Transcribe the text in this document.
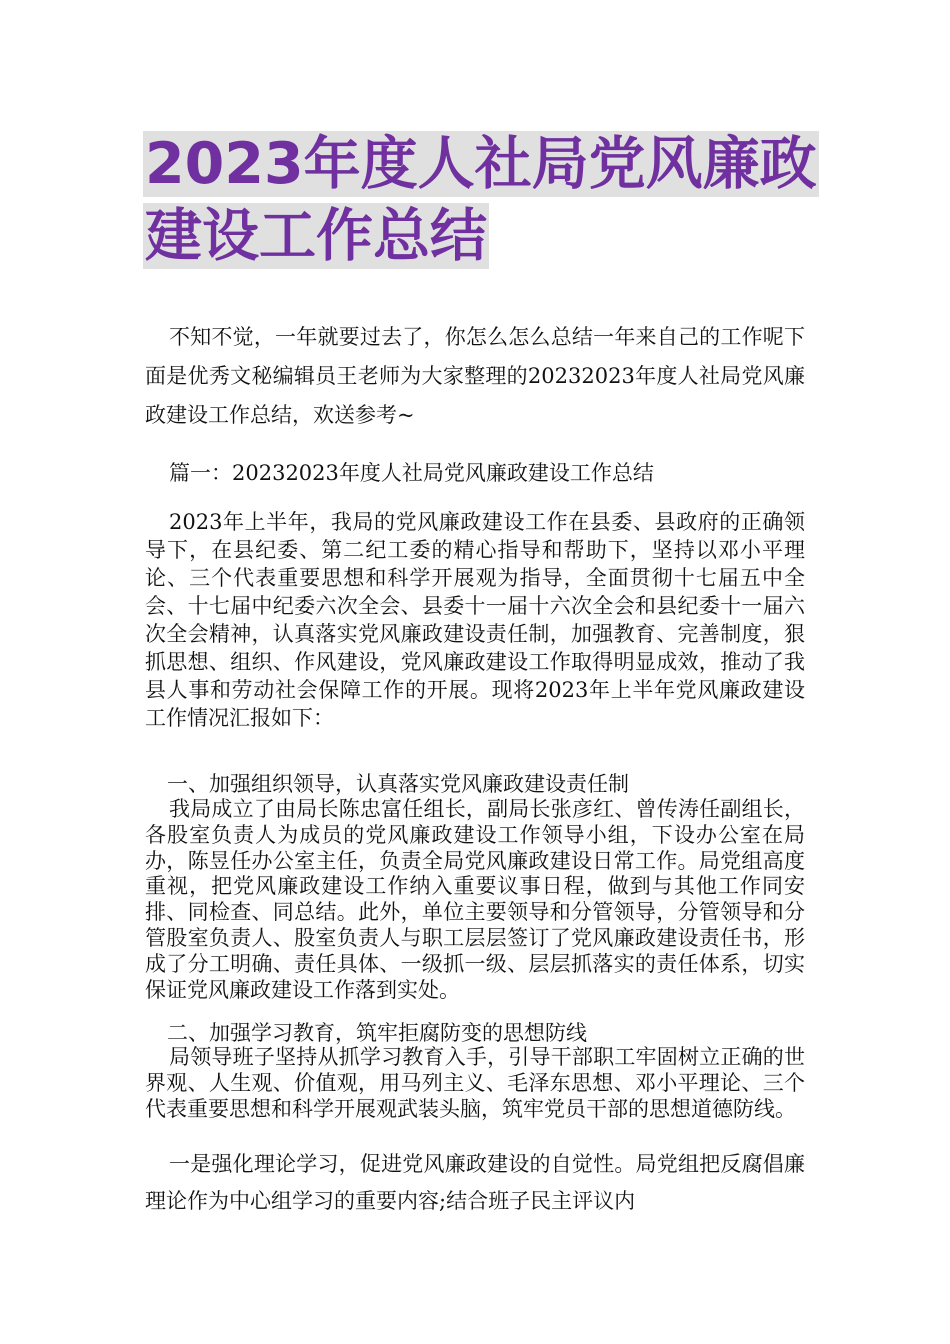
2023年度人社局党风廉政建设工作总结

不知不觉，一年就要过去了，你怎么怎么总结一年来自己的工作呢下面是优秀文秘编辑员王老师为大家整理的20232023年度人社局党风廉政建设工作总结，欢送参考~

篇一：20232023年度人社局党风廉政建设工作总结

2023年上半年，我局的党风廉政建设工作在县委、县政府的正确领导下，在县纪委、第二纪工委的精心指导和帮助下，坚持以邓小平理论、三个代表重要思想和科学开展观为指导，全面贯彻十七届五中全会、十七届中纪委六次全会、县委十一届十六次全会和县纪委十一届六次全会精神，认真落实党风廉政建设责任制，加强教育、完善制度，狠抓思想、组织、作风建设，党风廉政建设工作取得明显成效，推动了我县人事和劳动社会保障工作的开展。现将2023年上半年党风廉政建设工作情况汇报如下：

一、加强组织领导，认真落实党风廉政建设责任制

我局成立了由局长陈忠富任组长，副局长张彦红、曾传涛任副组长，各股室负责人为成员的党风廉政建设工作领导小组，下设办公室在局办，陈昱任办公室主任，负责全局党风廉政建设日常工作。局党组高度重视，把党风廉政建设工作纳入重要议事日程，做到与其他工作同安排、同检查、同总结。此外，单位主要领导和分管领导，分管领导和分管股室负责人、股室负责人与职工层层签订了党风廉政建设责任书，形成了分工明确、责任具体、一级抓一级、层层抓落实的责任体系，切实保证党风廉政建设工作落到实处。

二、加强学习教育，筑牢拒腐防变的思想防线

局领导班子坚持从抓学习教育入手，引导干部职工牢固树立正确的世界观、人生观、价值观，用马列主义、毛泽东思想、邓小平理论、三个代表重要思想和科学开展观武装头脑，筑牢党员干部的思想道德防线。

一是强化理论学习，促进党风廉政建设的自觉性。局党组把反腐倡廉理论作为中心组学习的重要内容;结合班子民主评议内
